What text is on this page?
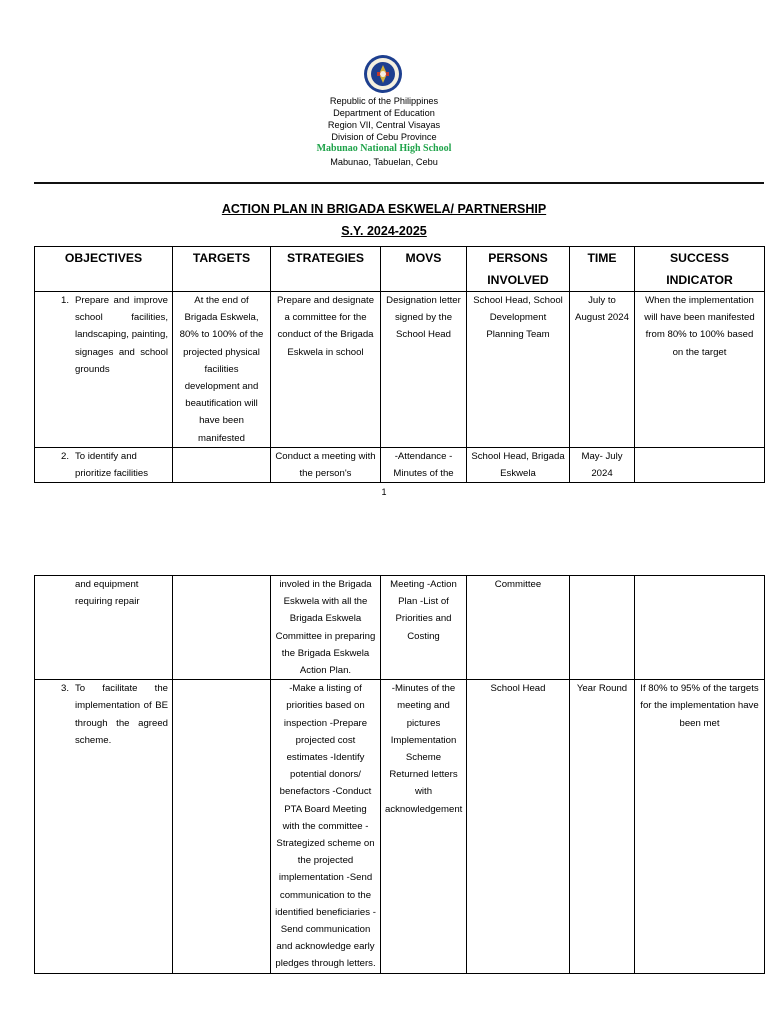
Republic of the Philippines
Department of Education
Region VII, Central Visayas
Division of Cebu Province
Mabunao National High School
Mabunao, Tabuelan, Cebu
ACTION PLAN IN BRIGADA ESKWELA/ PARTNERSHIP
S.Y. 2024-2025
OBJECTIVES	TARGETS	STRATEGIES	MOVS	PERSONS INVOLVED	TIME	SUCCESS INDICATOR

1. Prepare and improve school facilities, landscaping, painting, signages and school grounds	At the end of Brigada Eskwela, 80% to 100% of the projected physical facilities development and beautification will have been manifested	Prepare and designate a committee for the conduct of the Brigada Eskwela in school	Designation letter signed by the School Head	School Head, School Development Planning Team	July to August 2024	When the implementation will have been manifested from 80% to 100% based on the target

2. To identify and prioritize facilities		Conduct a meeting with the person's	-Attendance - Minutes of the	School Head, Brigada Eskwela	May- July 2024	
1
and equipment requiring repair		involed in the Brigada Eskwela with all the Brigada Eskwela Committee in preparing the Brigada Eskwela Action Plan.	Meeting -Action Plan -List of Priorities and Costing	Committee		

3. To facilitate the implementation of BE through the agreed scheme.		-Make a listing of priorities based on inspection -Prepare projected cost estimates -Identify potential donors/ benefactors -Conduct PTA Board Meeting with the committee -Strategized scheme on the projected implementation -Send communication to the identified beneficiaries -Send communication and acknowledge early pledges through letters.	-Minutes of the meeting and pictures Implementation Scheme Returned letters with acknowledgement	School Head	Year Round	If 80% to 95% of the targets for the implementation have been met
